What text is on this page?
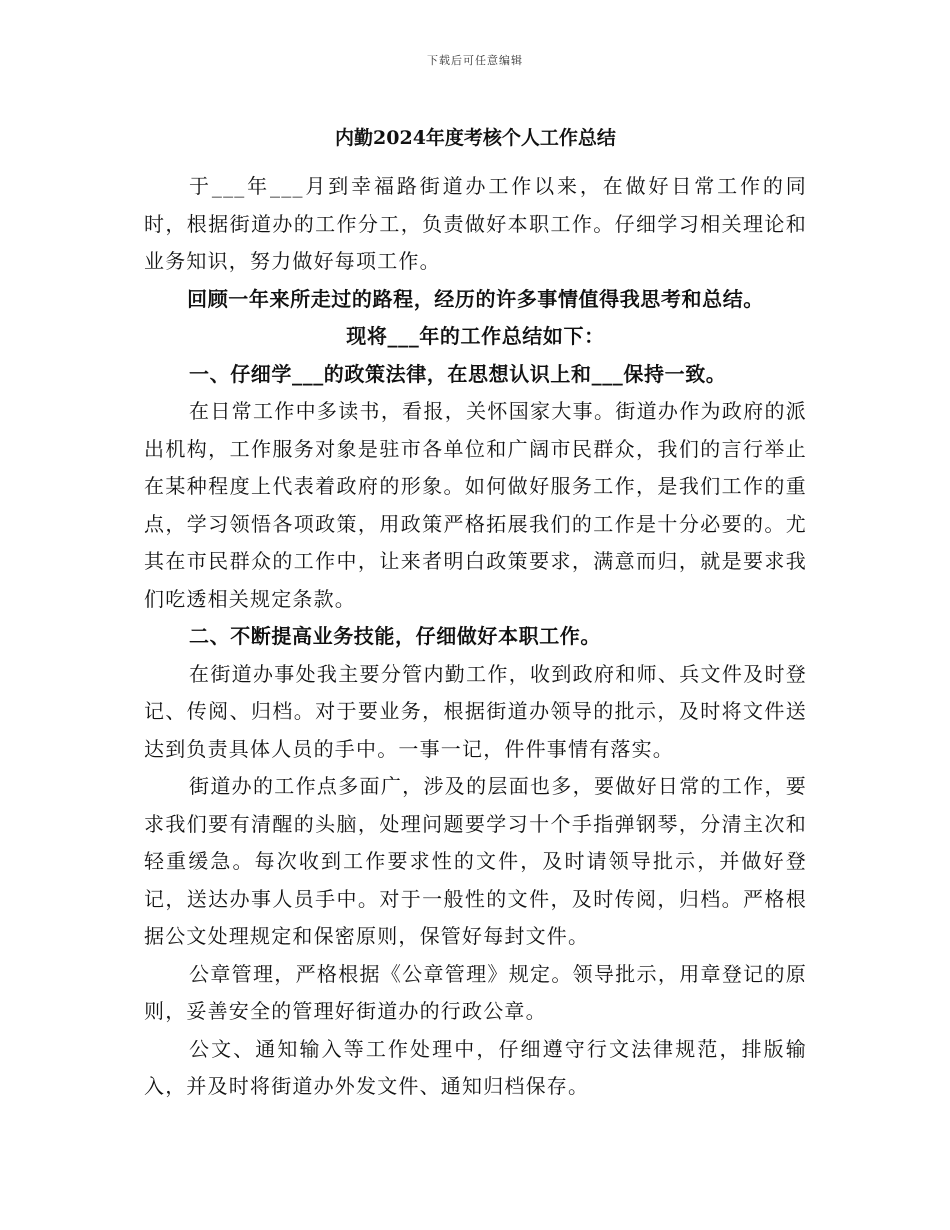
下载后可任意编辑
内勤2024年度考核个人工作总结

于___年___月到幸福路街道办工作以来，在做好日常工作的同时，根据街道办的工作分工，负责做好本职工作。仔细学习相关理论和业务知识，努力做好每项工作。

回顾一年来所走过的路程，经历的许多事情值得我思考和总结。

现将___年的工作总结如下：

一、仔细学___的政策法律，在思想认识上和___保持一致。

在日常工作中多读书，看报，关怀国家大事。街道办作为政府的派出机构，工作服务对象是驻市各单位和广阔市民群众，我们的言行举止在某种程度上代表着政府的形象。如何做好服务工作，是我们工作的重点，学习领悟各项政策，用政策严格拓展我们的工作是十分必要的。尤其在市民群众的工作中，让来者明白政策要求，满意而归，就是要求我们吃透相关规定条款。

二、不断提高业务技能，仔细做好本职工作。

在街道办事处我主要分管内勤工作，收到政府和师、兵文件及时登记、传阅、归档。对于要业务，根据街道办领导的批示，及时将文件送达到负责具体人员的手中。一事一记，件件事情有落实。

街道办的工作点多面广，涉及的层面也多，要做好日常的工作，要求我们要有清醒的头脑，处理问题要学习十个手指弹钢琴，分清主次和轻重缓急。每次收到工作要求性的文件，及时请领导批示，并做好登记，送达办事人员手中。对于一般性的文件，及时传阅，归档。严格根据公文处理规定和保密原则，保管好每封文件。

公章管理，严格根据《公章管理》规定。领导批示，用章登记的原则，妥善安全的管理好街道办的行政公章。

公文、通知输入等工作处理中，仔细遵守行文法律规范，排版输入，并及时将街道办外发文件、通知归档保存。
